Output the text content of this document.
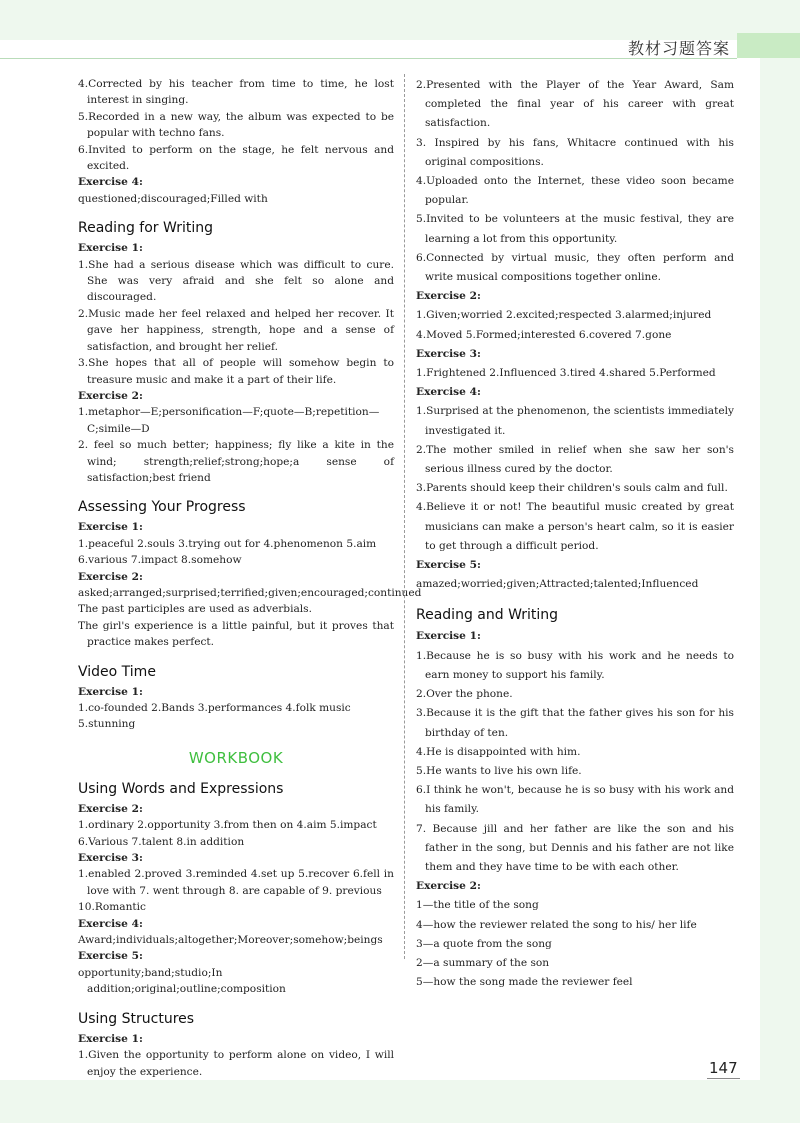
教材习题答案
4.Corrected by his teacher from time to time, he lost interest in singing.
5.Recorded in a new way, the album was expected to be popular with techno fans.
6.Invited to perform on the stage, he felt nervous and excited.
Exercise 4:
questioned;discouraged;Filled with
Reading for Writing
Exercise 1:
1.She had a serious disease which was difficult to cure. She was very afraid and she felt so alone and discouraged.
2.Music made her feel relaxed and helped her recover. It gave her happiness, strength, hope and a sense of satisfaction, and brought her relief.
3.She hopes that all of people will somehow begin to treasure music and make it a part of their life.
Exercise 2:
1.metaphor—E;personification—F;quote—B;repetition—C;simile—D
2. feel so much better; happiness; fly like a kite in the wind; strength;relief;strong;hope;a sense of satisfaction;best friend
Assessing Your Progress
Exercise 1:
1.peaceful 2.souls 3.trying out for 4.phenomenon 5.aim
6.various 7.impact 8.somehow
Exercise 2:
asked;arranged;surprised;terrified;given;encouraged;continued
The past participles are used as adverbials.
The girl's experience is a little painful, but it proves that practice makes perfect.
Video Time
Exercise 1:
1.co-founded 2.Bands 3.performances 4.folk music
5.stunning
WORKBOOK
Using Words and Expressions
Exercise 2:
1.ordinary 2.opportunity 3.from then on 4.aim 5.impact
6.Various 7.talent 8.in addition
Exercise 3:
1.enabled 2.proved 3.reminded 4.set up 5.recover 6.fell in love with 7. went through 8. are capable of 9. previous
10.Romantic
Exercise 4:
Award;individuals;altogether;Moreover;somehow;beings
Exercise 5:
opportunity;band;studio;In addition;original;outline;composition
Using Structures
Exercise 1:
1.Given the opportunity to perform alone on video, I will enjoy the experience.
2.Presented with the Player of the Year Award, Sam completed the final year of his career with great satisfaction.
3. Inspired by his fans, Whitacre continued with his original compositions.
4.Uploaded onto the Internet, these video soon became popular.
5.Invited to be volunteers at the music festival, they are learning a lot from this opportunity.
6.Connected by virtual music, they often perform and write musical compositions together online.
Exercise 2:
1.Given;worried 2.excited;respected 3.alarmed;injured
4.Moved 5.Formed;interested 6.covered 7.gone
Exercise 3:
1.Frightened 2.Influenced 3.tired 4.shared 5.Performed
Exercise 4:
1.Surprised at the phenomenon, the scientists immediately investigated it.
2.The mother smiled in relief when she saw her son's serious illness cured by the doctor.
3.Parents should keep their children's souls calm and full.
4.Believe it or not! The beautiful music created by great musicians can make a person's heart calm, so it is easier to get through a difficult period.
Exercise 5:
amazed;worried;given;Attracted;talented;Influenced
Reading and Writing
Exercise 1:
1.Because he is so busy with his work and he needs to earn money to support his family.
2.Over the phone.
3.Because it is the gift that the father gives his son for his birthday of ten.
4.He is disappointed with him.
5.He wants to live his own life.
6.I think he won't, because he is so busy with his work and his family.
7. Because jill and her father are like the son and his father in the song, but Dennis and his father are not like them and they have time to be with each other.
Exercise 2:
1—the title of the song
4—how the reviewer related the song to his/ her life
3—a quote from the song
2—a summary of the son
5—how the song made the reviewer feel
147
